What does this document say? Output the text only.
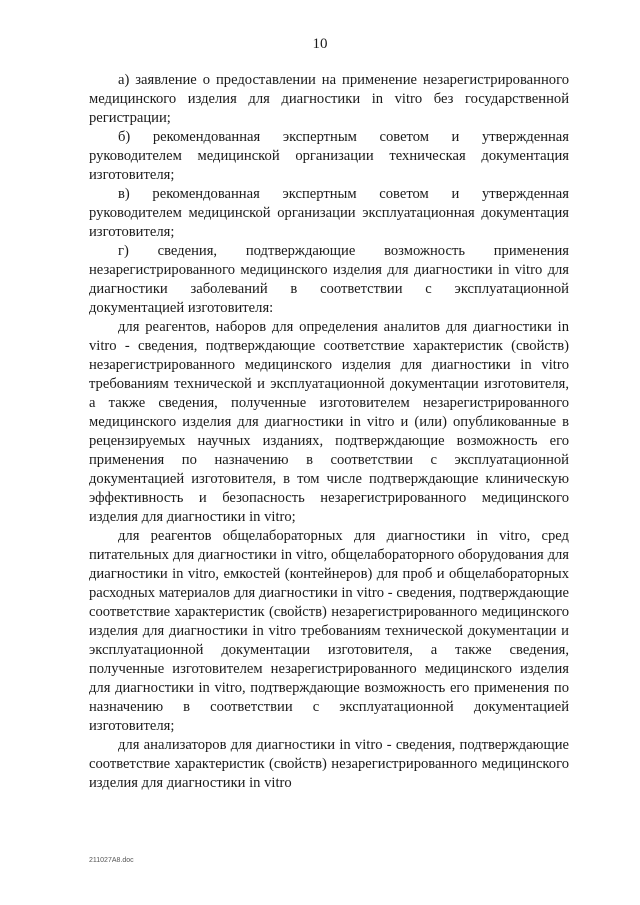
10

а) заявление о предоставлении на применение незарегистрированного медицинского изделия для диагностики in vitro без государственной регистрации;

б) рекомендованная экспертным советом и утвержденная руководителем медицинской организации техническая документация изготовителя;

в) рекомендованная экспертным советом и утвержденная руководителем медицинской организации эксплуатационная документация изготовителя;

г) сведения, подтверждающие возможность применения незарегистрированного медицинского изделия для диагностики in vitro для диагностики заболеваний в соответствии с эксплуатационной документацией изготовителя:

для реагентов, наборов для определения аналитов для диагностики in vitro - сведения, подтверждающие соответствие характеристик (свойств) незарегистрированного медицинского изделия для диагностики in vitro требованиям технической и эксплуатационной документации изготовителя, а также сведения, полученные изготовителем незарегистрированного медицинского изделия для диагностики in vitro и (или) опубликованные в рецензируемых научных изданиях, подтверждающие возможность его применения по назначению в соответствии с эксплуатационной документацией изготовителя, в том числе подтверждающие клиническую эффективность и безопасность незарегистрированного медицинского изделия для диагностики in vitro;

для реагентов общелабораторных для диагностики in vitro, сред питательных для диагностики in vitro, общелабораторного оборудования для диагностики in vitro, емкостей (контейнеров) для проб и общелабораторных расходных материалов для диагностики in vitro - сведения, подтверждающие соответствие характеристик (свойств) незарегистрированного медицинского изделия для диагностики in vitro требованиям технической документации и эксплуатационной документации изготовителя, а также сведения, полученные изготовителем незарегистрированного медицинского изделия для диагностики in vitro, подтверждающие возможность его применения по назначению в соответствии с эксплуатационной документацией изготовителя;

для анализаторов для диагностики in vitro - сведения, подтверждающие соответствие характеристик (свойств) незарегистрированного медицинского изделия для диагностики in vitro

211027A8.doc
